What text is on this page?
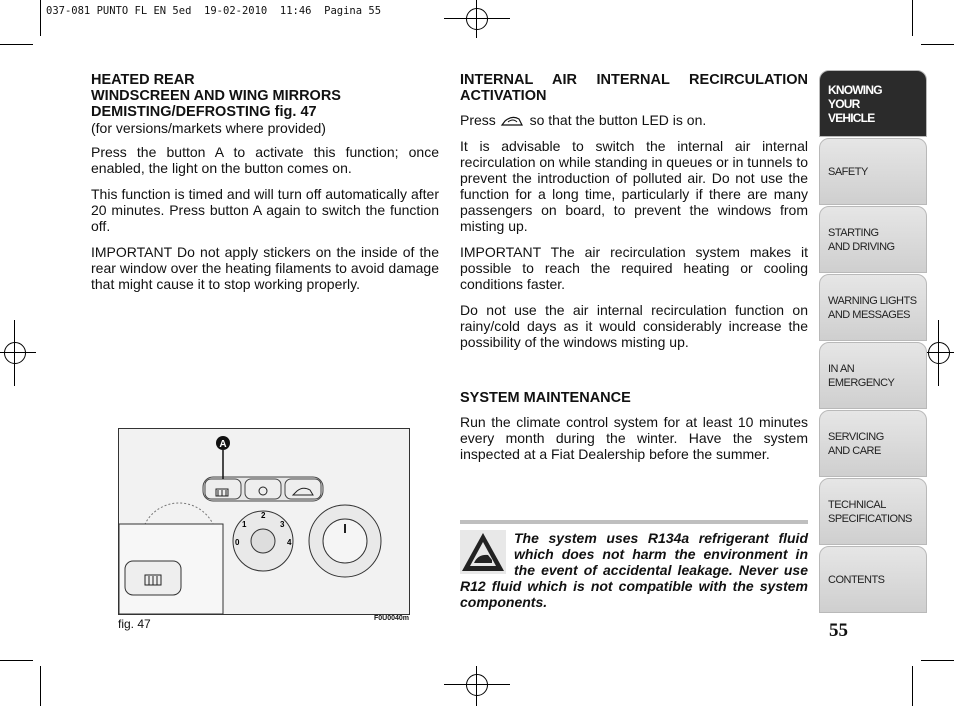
037-081 PUNTO FL EN 5ed  19-02-2010  11:46  Pagina 55
HEATED REAR
WINDSCREEN AND WING MIRRORS
DEMISTING/DEFROSTING fig. 47

(for versions/markets where provided)

Press the button A to activate this function; once enabled, the light on the button comes on.

This function is timed and will turn off automatically after 20 minutes. Press button A again to switch the function off.

IMPORTANT Do not apply stickers on the inside of the rear window over the heating filaments to avoid damage that might cause it to stop working properly.

INTERNAL AIR INTERNAL RECIRCULATION ACTIVATION

Press so that the button LED is on.

It is advisable to switch the internal air internal recirculation on while standing in queues or in tunnels to prevent the introduction of polluted air. Do not use the function for a long time, particularly if there are many passengers on board, to prevent the windows from misting up.

IMPORTANT The air recirculation system makes it possible to reach the required heating or cooling conditions faster.

Do not use the air internal recirculation function on rainy/cold days as it would considerably increase the possibility of the windows misting up.

SYSTEM MAINTENANCE

Run the climate control system for at least 10 minutes every month during the winter. Have the system inspected at a Fiat Dealership before the summer.

The system uses R134a refrigerant fluid which does not harm the environment in the event of accidental leakage. Never use R12 fluid which is not compatible with the system components.
A
0
1
2
3
4
fig. 47	F0U0040m
KNOWING
YOUR
VEHICLE
SAFETY
STARTING
AND DRIVING
WARNING LIGHTS
AND MESSAGES
IN AN
EMERGENCY
SERVICING
AND CARE
TECHNICAL
SPECIFICATIONS
CONTENTS
55
